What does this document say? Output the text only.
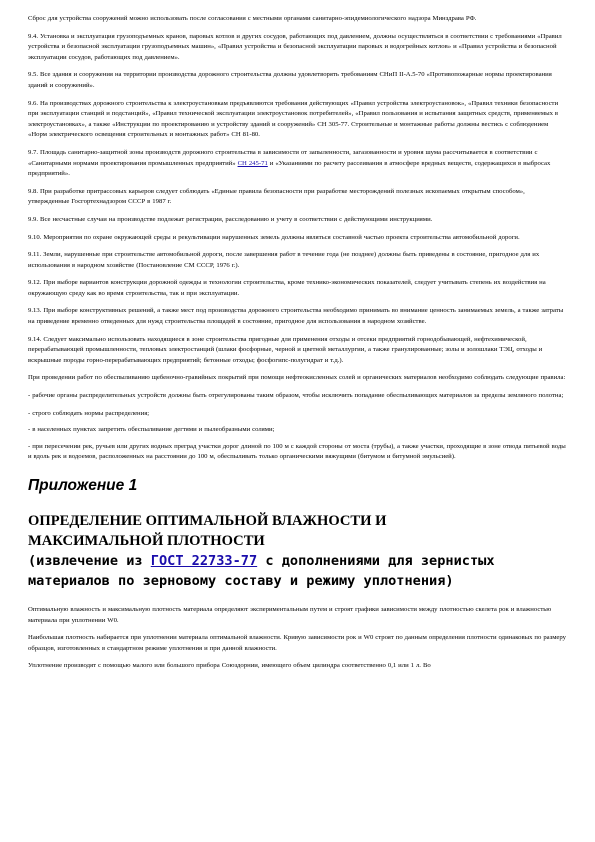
Сброс для устройства сооружений можно использовать после согласования с местными органами санитарно-эпидемиологического надзора Минздрава РФ.

9.4. Установка и эксплуатация грузоподъемных кранов, паровых котлов и других сосудов, работающих под давлением, должны осуществляться в соответствии с требованиями «Правил устройства и безопасной эксплуатации грузоподъемных машин», «Правил устройства и безопасной эксплуатации паровых и водогрейных котлов» и «Правил устройства и безопасной эксплуатации сосудов, работающих под давлением».

9.5. Все здания и сооружения на территории производства дорожного строительства должны удовлетворять требованиям СНиП II-А.5-70 «Противопожарные нормы проектирования зданий и сооружений».

9.6. На производствах дорожного строительства к электроустановкам предъявляются требования действующих «Правил устройства электроустановок», «Правил техники безопасности при эксплуатации станций и подстанций», «Правил технической эксплуатации электроустановок потребителей», «Правил пользования и испытания защитных средств, применяемых в электроустановках», а также «Инструкции по проектированию и устройству зданий и сооружений» СН 305-77. Строительные и монтажные работы должны вестись с соблюдением «Норм электрического освещения строительных и монтажных работ» СН 81-80.

9.7. Площадь санитарно-защитной зоны производств дорожного строительства в зависимости от запыленности, загазованности и уровня шума рассчитывается в соответствии с «Санитарными нормами проектирования промышленных предприятий» СН 245-71 и «Указаниями по расчету рассеивания в атмосфере вредных веществ, содержащихся в выбросах предприятий».

9.8. При разработке притрассовых карьеров следует соблюдать «Единые правила безопасности при разработке месторождений полезных ископаемых открытым способом», утвержденные Госгортехнадзором СССР в 1987 г.

9.9. Все несчастные случаи на производстве подлежат регистрации, расследованию и учету в соответствии с действующими инструкциями.

9.10. Мероприятия по охране окружающей среды и рекультивации нарушенных земель должны являться составной частью проекта строительства автомобильной дороги.

9.11. Земли, нарушенные при строительстве автомобильной дороги, после завершения работ в течение года (не позднее) должны быть приведены в состояние, пригодное для их использования в народном хозяйстве (Постановление СМ СССР, 1976 г.).

9.12. При выборе вариантов конструкции дорожной одежды и технологии строительства, кроме технико-экономических показателей, следует учитывать степень их воздействия на окружающую среду как во время строительства, так и при эксплуатации.

9.13. При выборе конструктивных решений, а также мест под производства дорожного строительства необходимо принимать во внимание ценность занимаемых земель, а также затраты на приведение временно отведенных для нужд строительства площадей в состояние, пригодное для использования в народном хозяйстве.

9.14. Следует максимально использовать находящиеся в зоне строительства пригодные для применения отходы и отсеки предприятий горнодобывающей, нефтехимической, перерабатывающей промышленности, тепловых электростанций (шлаки фосфорные, черной и цветной металлургии, а также гранулированные; золы и золошлаки ТЭЦ, отходы и вскрышные породы горно-перерабатывающих предприятий; бетонные отходы; фосфогипс-полугидрат и т.д.).

При проведении работ по обеспыливанию щебеночно-гравийных покрытий при помощи нефтеокисленных солей и органических материалов необходимо соблюдать следующие правила:

- рабочие органы распределительных устройств должны быть отрегулированы таким образом, чтобы исключить попадание обеспыливающих материалов за пределы земляного полотна;

- строго соблюдать нормы распределения;

- в населенных пунктах запретить обеспыливание дегтями и пылеобразными солями;

- при пересечении рек, ручьев или других водных преград участки дорог длиной по 100 м с каждой стороны от моста (трубы), а также участки, проходящие в зоне отвода питьевой воды и вдоль рек и водоемов, расположенных на расстоянии до 100 м, обеспыливать только органическими вяжущими (битумом и битумной эмульсией).

Приложение 1
ОПРЕДЕЛЕНИЕ ОПТИМАЛЬНОЙ ВЛАЖНОСТИ И
МАКСИМАЛЬНОЙ ПЛОТНОСТИ
(извлечение из ГОСТ 22733-77 с дополнениями для зернистых материалов по зерновому составу и режиму уплотнения)

Оптимальную влажность и максимальную плотность материала определяют экспериментальным путем и строят графики зависимости между плотностью скелета рок и влажностью материала при уплотнении W0.

Наибольшая плотность набирается при уплотнении материала оптимальной влажности. Кривую зависимости рок и W0 строят по данным определения плотности одинаковых по размеру образцов, изготовленных в стандартном режиме уплотнения и при данной влажности.

Уплотнение производят с помощью малого или большого прибора Союздорнии, имеющего объем цилиндра соответственно 0,1 или 1 л. Во
